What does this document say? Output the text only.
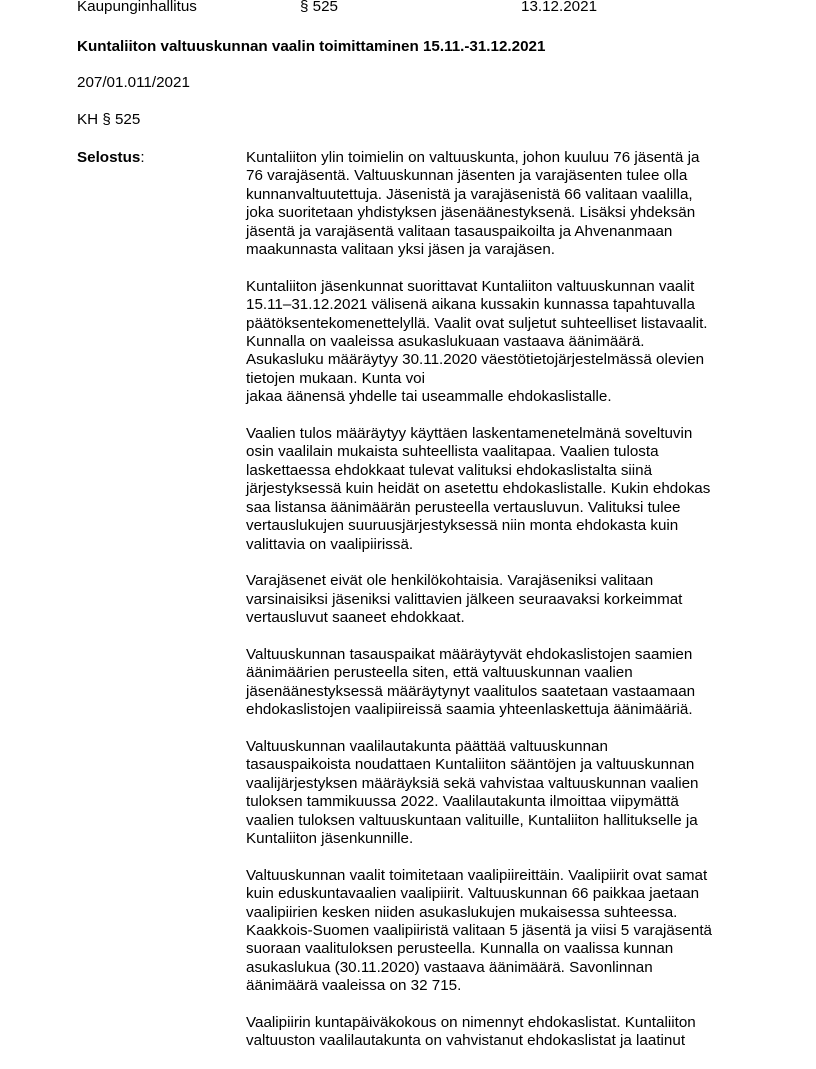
Kaupunginhallitus	§ 525	13.12.2021
Kuntaliiton valtuuskunnan vaalin toimittaminen 15.11.-31.12.2021
207/01.011/2021
KH § 525
Selostus:	Kuntaliiton ylin toimielin on valtuuskunta, johon kuuluu 76 jäsentä ja
76 varajäsentä. Valtuuskunnan jäsenten ja varajäsenten tulee olla
kunnanvaltuutettuja. Jäsenistä ja varajäsenistä 66 valitaan vaalilla,
joka suoritetaan yhdistyksen jäsenäänestyksenä. Lisäksi yhdeksän
jäsentä ja varajäsentä valitaan tasauspaikoilta ja Ahvenanmaan
maakunnasta valitaan yksi jäsen ja varajäsen.
Kuntaliiton jäsenkunnat suorittavat Kuntaliiton valtuuskunnan vaalit
15.11–31.12.2021 välisenä aikana kussakin kunnassa tapahtuvalla
päätöksentekomenettelyllä. Vaalit ovat suljetut suhteelliset listavaalit.
Kunnalla on vaaleissa asukaslukuaan vastaava äänimäärä.
Asukasluku määräytyy 30.11.2020 väestötietojärjestelmässä olevien
tietojen mukaan. Kunta voi
jakaa äänensä yhdelle tai useammalle ehdokaslistalle.
Vaalien tulos määräytyy käyttäen laskentamenetelmänä soveltuvin
osin vaalilain mukaista suhteellista vaalitapaa. Vaalien tulosta
laskettaessa ehdokkaat tulevat valituksi ehdokaslistalta siinä
järjestyksessä kuin heidät on asetettu ehdokaslistalle. Kukin ehdokas
saa listansa äänimäärän perusteella vertausluvun. Valituksi tulee
vertauslukujen suuruusjärjestyksessä niin monta ehdokasta kuin
valittavia on vaalipiirissä.
Varajäsenet eivät ole henkilökohtaisia. Varajäseniksi valitaan
varsinaisiksi jäseniksi valittavien jälkeen seuraavaksi korkeimmat
vertausluvut saaneet ehdokkaat.
Valtuuskunnan tasauspaikat määräytyvät ehdokaslistojen saamien
äänimäärien perusteella siten, että valtuuskunnan vaalien
jäsenäänestyksessä määräytynyt vaalitulos saatetaan vastaamaan
ehdokaslistojen vaalipiireissä saamia yhteenlaskettuja äänimääriä.
Valtuuskunnan vaalilautakunta päättää valtuuskunnan
tasauspaikoista noudattaen Kuntaliiton sääntöjen ja valtuuskunnan
vaalijärjestyksen määräyksiä sekä vahvistaa valtuuskunnan vaalien
tuloksen tammikuussa 2022. Vaalilautakunta ilmoittaa viipymättä
vaalien tuloksen valtuuskuntaan valituille, Kuntaliiton hallitukselle ja
Kuntaliiton jäsenkunnille.
Valtuuskunnan vaalit toimitetaan vaalipiireittäin. Vaalipiirit ovat samat
kuin eduskuntavaalien vaalipiirit. Valtuuskunnan 66 paikkaa jaetaan
vaalipiirien kesken niiden asukaslukujen mukaisessa suhteessa.
Kaakkois-Suomen vaalipiiristä valitaan 5 jäsentä ja viisi 5 varajäsentä
suoraan vaalituloksen perusteella. Kunnalla on vaalissa kunnan
asukaslukua (30.11.2020) vastaava äänimäärä. Savonlinnan
äänimäärä vaaleissa on 32 715.
Vaalipiirin kuntapäiväkokous on nimennyt ehdokaslistat. Kuntaliiton
valtuuston vaalilautakunta on vahvistanut ehdokaslistat ja laatinut
